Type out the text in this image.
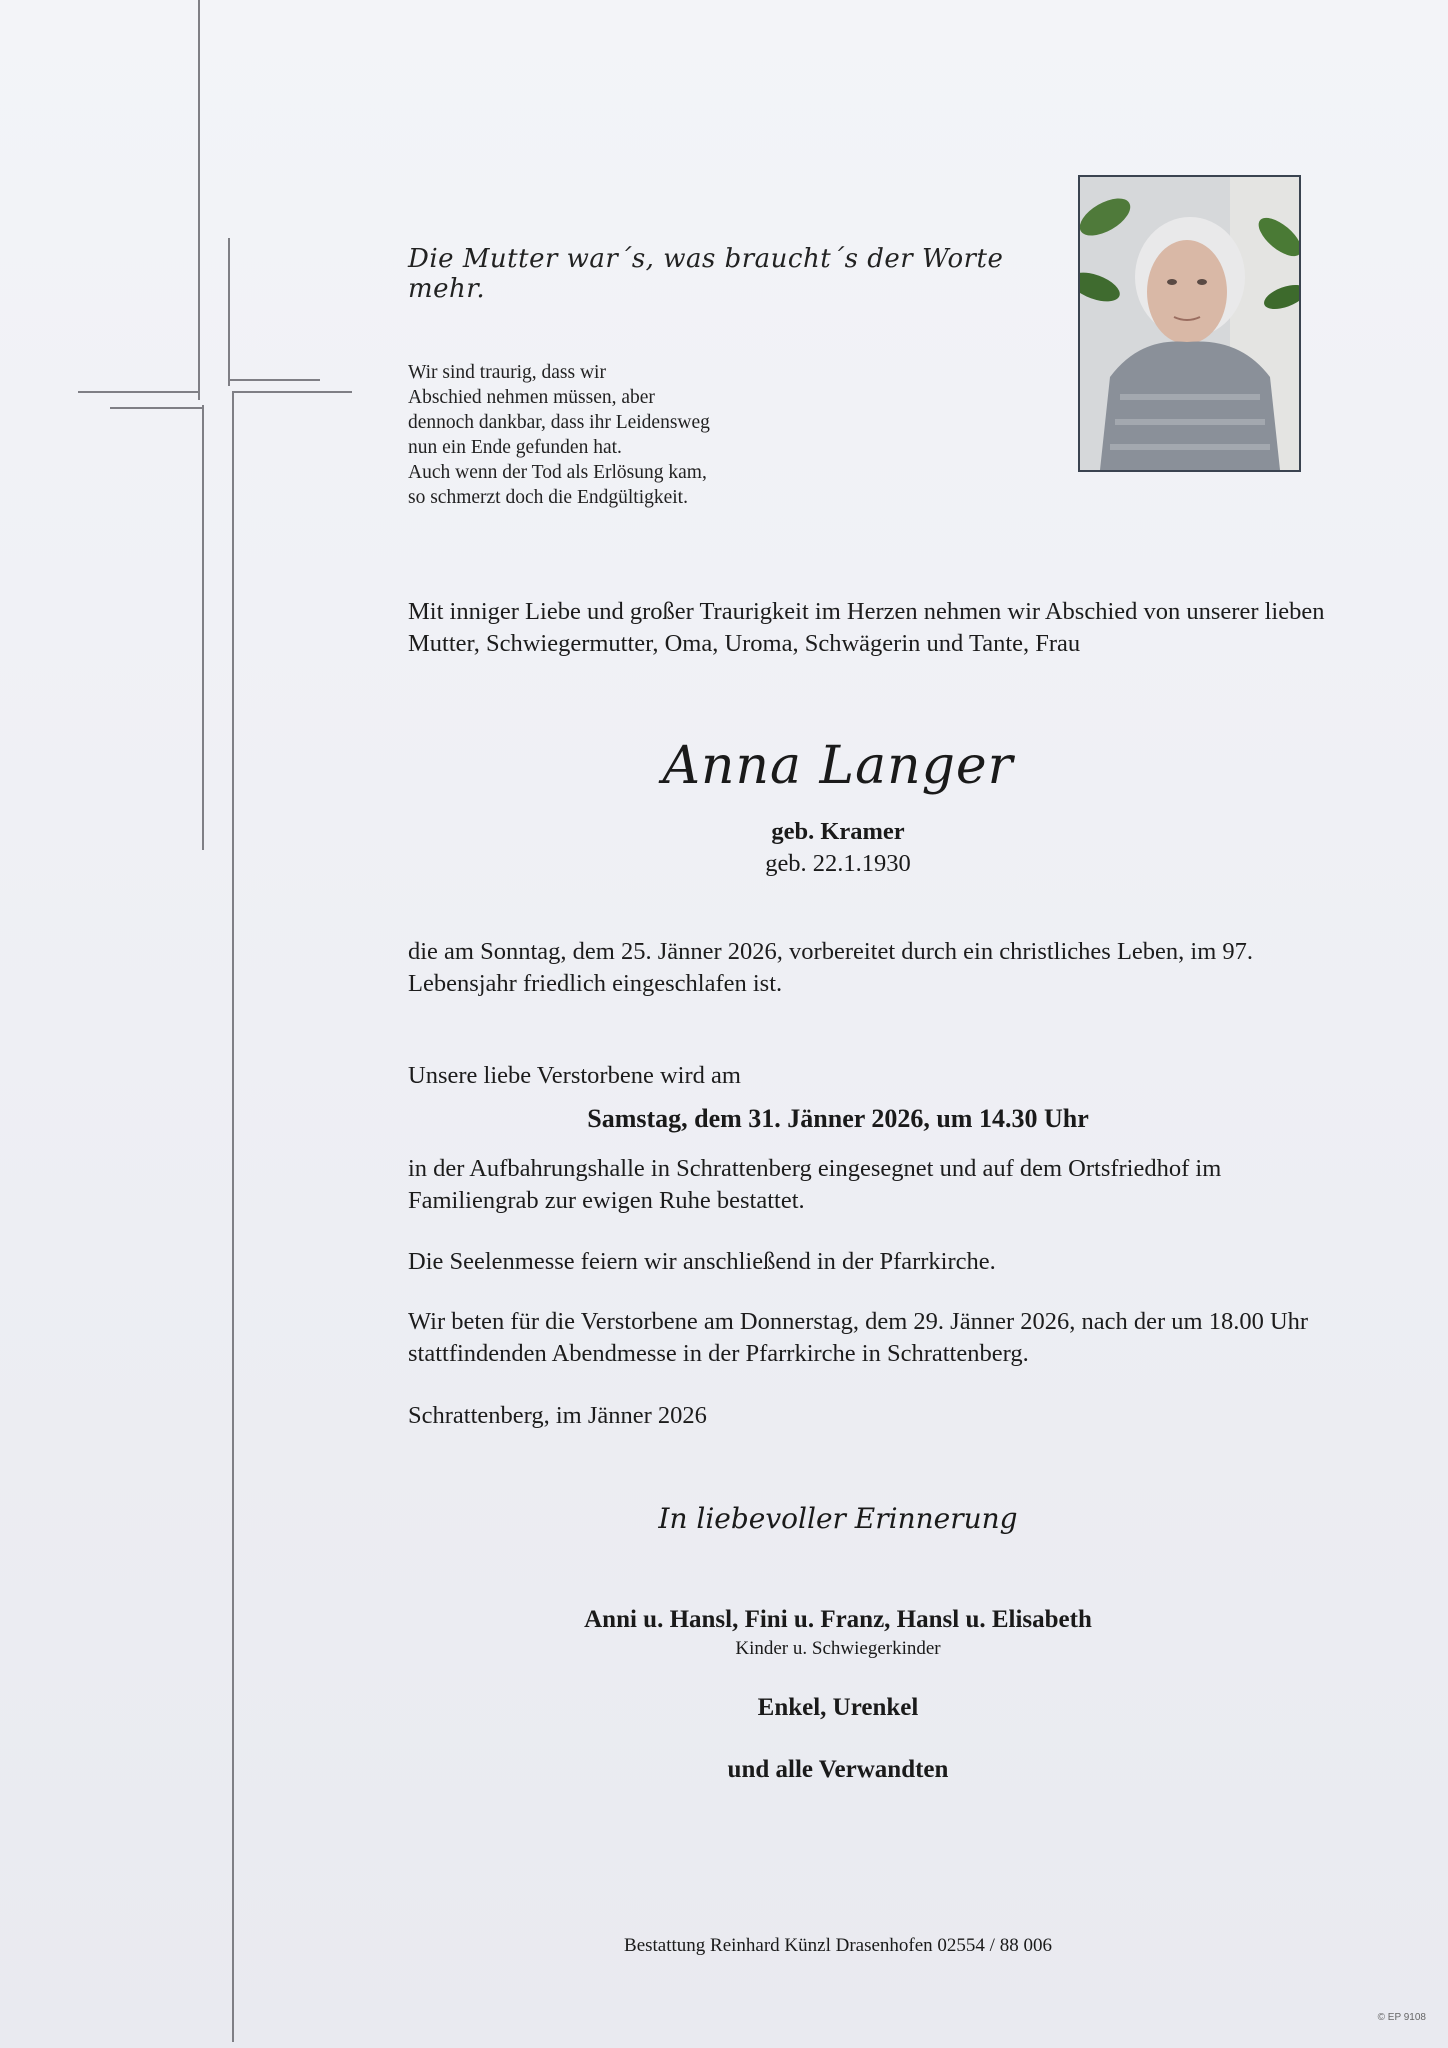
Die Mutter war´s, was braucht´s der Worte mehr.
Wir sind traurig, dass wir
Abschied nehmen müssen, aber
dennoch dankbar, dass ihr Leidensweg
nun ein Ende gefunden hat.
Auch wenn der Tod als Erlösung kam,
so schmerzt doch die Endgültigkeit.
Mit inniger Liebe und großer Traurigkeit im Herzen nehmen wir Abschied von unserer lieben Mutter, Schwiegermutter, Oma, Uroma, Schwägerin und Tante, Frau
Anna Langer
geb. Kramer
geb. 22.1.1930
die am Sonntag, dem 25. Jänner 2026, vorbereitet durch ein christliches Leben, im 97. Lebensjahr friedlich eingeschlafen ist.
Unsere liebe Verstorbene wird am
Samstag, dem 31. Jänner 2026, um 14.30 Uhr
in der Aufbahrungshalle in Schrattenberg eingesegnet und auf dem Ortsfriedhof im Familiengrab zur ewigen Ruhe bestattet.
Die Seelenmesse feiern wir anschließend in der Pfarrkirche.
Wir beten für die Verstorbene am Donnerstag, dem 29. Jänner 2026, nach der um 18.00 Uhr stattfindenden Abendmesse in der Pfarrkirche in Schrattenberg.
Schrattenberg, im Jänner 2026
In liebevoller Erinnerung
Anni u. Hansl, Fini u. Franz, Hansl u. Elisabeth
Kinder u. Schwiegerkinder
Enkel, Urenkel
und alle Verwandten
Bestattung Reinhard Künzl Drasenhofen 02554 / 88 006
© EP 9108
